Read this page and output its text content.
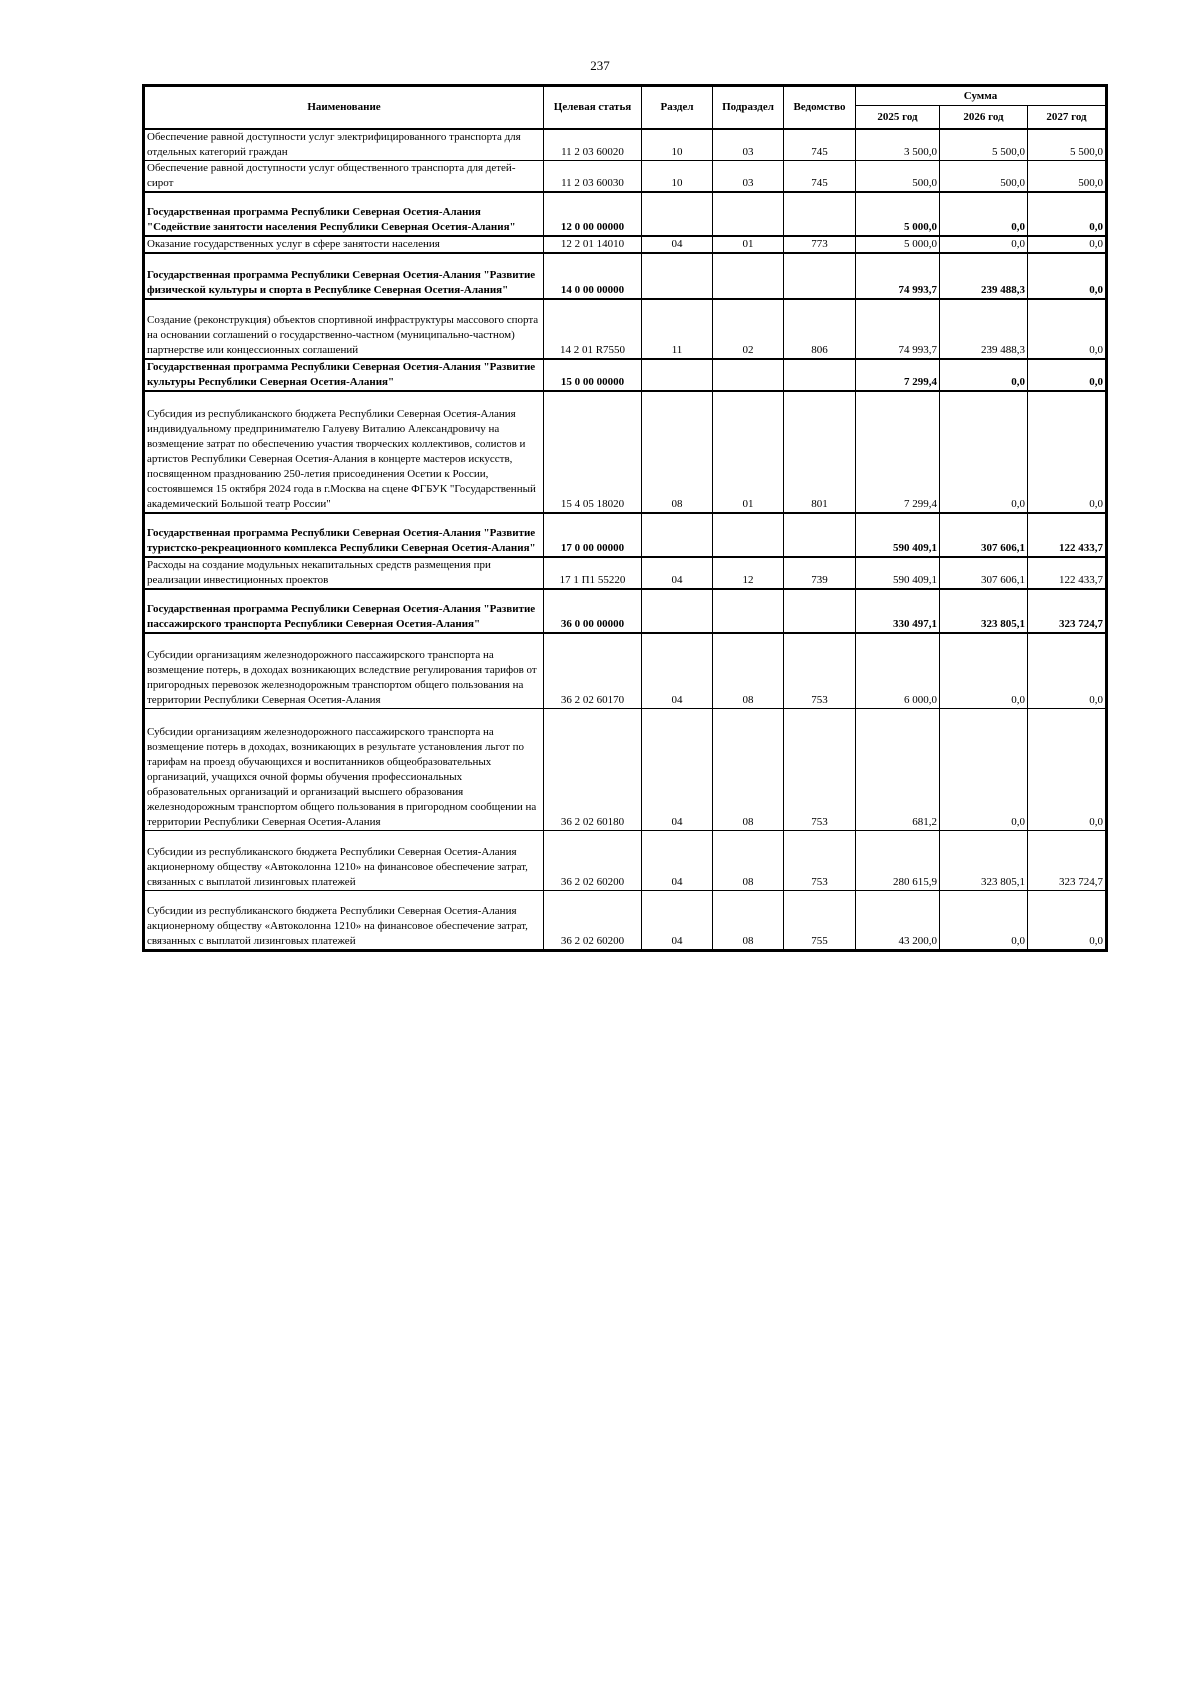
237
Наименование	Целевая статья	Раздел	Подраздел	Ведомство	Сумма		
					2025 год	2026 год	2027 год
Обеспечение равной доступности услуг электрифицированного транспорта для отдельных категорий граждан	11 2 03 60020	10	03	745	3 500,0	5 500,0	5 500,0
Обеспечение равной доступности услуг общественного транспорта для детей-сирот	11 2 03 60030	10	03	745	500,0	500,0	500,0
Государственная программа Республики Северная Осетия-Алания "Содействие занятости населения Республики Северная Осетия-Алания"	12 0 00 00000				5 000,0	0,0	0,0
Оказание государственных услуг в сфере занятости населения	12 2 01 14010	04	01	773	5 000,0	0,0	0,0
Государственная программа Республики Северная Осетия-Алания "Развитие физической культуры и спорта в Республике Северная Осетия-Алания"	14 0 00 00000				74 993,7	239 488,3	0,0
Создание (реконструкция) объектов спортивной инфраструктуры массового спорта на основании соглашений о государственно-частном (муниципально-частном) партнерстве или концессионных соглашений	14 2 01 R7550	11	02	806	74 993,7	239 488,3	0,0
Государственная программа Республики Северная Осетия-Алания "Развитие культуры Республики Северная Осетия-Алания"	15 0 00 00000				7 299,4	0,0	0,0
Субсидия из республиканского бюджета Республики Северная Осетия-Алания индивидуальному предпринимателю Галуеву Виталию Александровичу на возмещение затрат по обеспечению участия творческих коллективов, солистов и артистов Республики Северная Осетия-Алания в концерте мастеров искусств, посвященном празднованию 250-летия присоединения Осетии к России, состоявшемся 15 октября 2024 года в г.Москва на сцене ФГБУК "Государственный академический Большой театр России"	15 4 05 18020	08	01	801	7 299,4	0,0	0,0
Государственная программа Республики Северная Осетия-Алания "Развитие туристско-рекреационного комплекса Республики Северная Осетия-Алания"	17 0 00 00000				590 409,1	307 606,1	122 433,7
Расходы на создание модульных некапитальных средств размещения при реализации инвестиционных проектов	17 1 П1 55220	04	12	739	590 409,1	307 606,1	122 433,7
Государственная программа Республики Северная Осетия-Алания "Развитие пассажирского транспорта Республики Северная Осетия-Алания"	36 0 00 00000				330 497,1	323 805,1	323 724,7
Субсидии организациям железнодорожного пассажирского транспорта на возмещение потерь, в доходах возникающих вследствие регулирования тарифов от пригородных перевозок железнодорожным транспортом общего пользования на территории Республики Северная Осетия-Алания	36 2 02 60170	04	08	753	6 000,0	0,0	0,0
Субсидии организациям железнодорожного пассажирского транспорта на возмещение потерь в доходах, возникающих в результате установления льгот по тарифам на проезд обучающихся и воспитанников общеобразовательных организаций, учащихся очной формы обучения профессиональных образовательных организаций и организаций высшего образования железнодорожным транспортом общего пользования в пригородном сообщении на территории Республики Северная Осетия-Алания	36 2 02 60180	04	08	753	681,2	0,0	0,0
Субсидии из республиканского бюджета Республики Северная Осетия-Алания акционерному обществу «Автоколонна 1210» на финансовое обеспечение затрат, связанных с выплатой лизинговых платежей	36 2 02 60200	04	08	753	280 615,9	323 805,1	323 724,7
Субсидии из республиканского бюджета Республики Северная Осетия-Алания акционерному обществу «Автоколонна 1210» на финансовое обеспечение затрат, связанных с выплатой лизинговых платежей	36 2 02 60200	04	08	755	43 200,0	0,0	0,0
